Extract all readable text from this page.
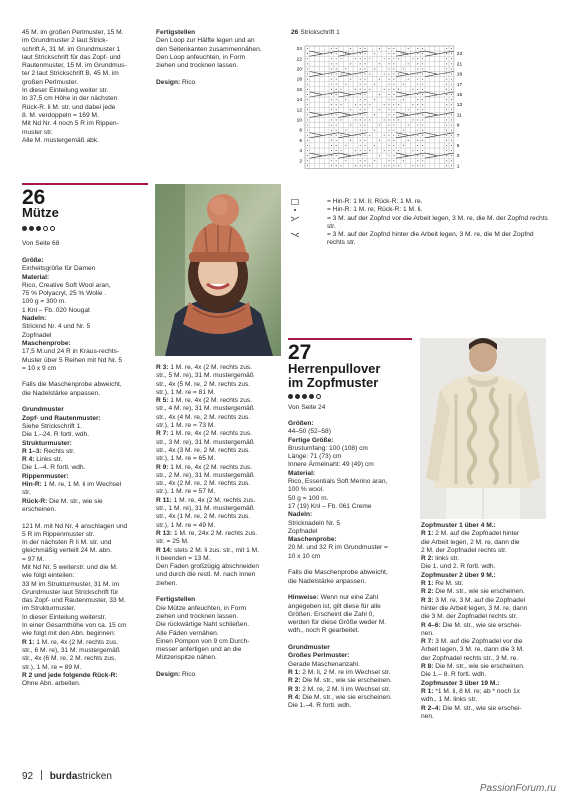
45 M. im großen Perlmuster, 15 M.

im Grundmuster 2 laut Strick-

schrift A, 31 M. im Grundmuster 1

laut Strickschrift für das Zopf- und

Rautenmuster, 15 M. im Grundmus-

ter 2 laut Strickschrift B, 45 M. im

großen Perlmuster.

In dieser Einteilung weiter str.

In 37,5 cm Höhe in der nächsten

Rück-R. li M. str. und dabei jede

8. M. verdoppeln = 169 M.

Mit Nd Nr. 4 noch 5 R im Rippen-

muster str.

Alle M. mustergemäß abk.

Fertigstellen

Den Loop zur Hälfte legen und an

den Seitenkanten zusammennähen.

Den Loop anfeuchten, in Form

ziehen und trocknen lassen.

Design: Rico

26 Strickschrift 1
24
22
20
18
16
14
12
10
8
6
4
2
23
21
19
17
15
13
11
9
7
5
3
1
= Hin-R: 1 M. li; Rück-R: 1 M. re.
= Hin-R: 1 M. re; Rück-R: 1 M. li.
= 3 M. auf der Zopfnd vor die Arbeit legen, 3 M. re, die M. der Zopfnd rechts str.
= 3 M. auf der Zopfnd hinter die Arbeit legen, 3 M. re, die M der Zopfnd rechts str.
26
Mütze
Von Seite 68

Größe:

Einheitsgröße für Damen

Material:

Rico, Creative Soft Wool aran,

75 % Polyacryl, 25 % Wolle .

100 g = 300 m.

1 Knl – Fb. 020 Nougat

Nadeln:

Stricknd Nr. 4 und Nr. 5

Zopfnadel

Maschenprobe:

17,5 M.und 24 R in Kraus-rechts-

Muster über 5 Reihen mit Nd Nr. 5

= 10 x 9 cm

Falls die Maschenprobe abweicht,

die Nadelstärke anpassen.

Grundmuster

Zopf- und Rautenmuster:

Siehe Strickschrift 1.

Die 1.–24. R fortl. wdh.

Strukturmuster:

R 1–3: Rechts str.

R 4: Links str.

Die 1.–4. R fortl. wdh.

Rippenmuster:

Hin-R: 1 M. re, 1 M. li im Wechsel

str.

Rück-R: Die M. str., wie sie

erscheinen.

121 M. mit Nd Nr. 4 anschlagen und

5 R im Rippenmuster str.

In der nächsten R li M. str. und

gleichmäßig verteilt 24 M. abn.

= 97 M.

Mit Nd Nr. 5 weiterstr. und die M.

wie folgt einteilen:

33 M im Strukturmuster, 31 M. im

Grundmuster laut Strickschrift für

das Zopf- und Rautenmuster, 33 M.

im Strukturmuster.

In dieser Einteilung weiterstr.

In einer Gesamthöhe von ca. 15 cm

wie folgt mit den Abn. beginnen:

R 1: 1 M. re, 4x (2 M. rechts zus.

str., 6 M. re), 31 M. mustergemäß

str., 4x (6 M. re, 2 M. rechts zus.

str.), 1 M. re = 89 M.

R 2 und jede folgende Rück-R:

Ohne Abn. arbeiten.

R 3: 1 M. re, 4x (2 M. rechts zus.

str., 5 M. re), 31 M. mustergemäß

str., 4x (5 M. re, 2 M. rechts zus.

str.), 1 M. re = 81 M.

R 5: 1 M. re, 4x (2 M. rechts zus.

str., 4 M. re), 31 M. mustergemäß

str., 4x (4 M. re, 2 M. rechts zus.

str.), 1 M. re = 73 M.

R 7: 1 M. re, 4x (2 M. rechts zus.

str., 3 M. re), 31 M. mustergemäß

str., 4x (3 M. re, 2 M. rechts zus.

str.), 1 M. re = 65 M.

R 9: 1 M. re, 4x (2 M. rechts zus.

str., 2 M. re), 31 M. mustergemäß

str., 4x (2 M. re, 2 M. rechts zus.

str.), 1 M. re = 57 M.

R 11: 1 M. re, 4x (2 M. rechts zus.

str., 1 M. re), 31 M. mustergemäß

str., 4x (1 M. re, 2 M. rechts zus.

str.), 1 M. re = 49 M.

R 13: 1 M. re, 24x 2 M. rechts zus.

str. = 25 M.

R 14: stets 2 M. li zus. str., mit 1 M.

li beenden = 13 M.

Den Faden großzügig abschneiden

und durch die restl. M. nach innen

ziehen.

Fertigstellen

Die Mütze anfeuchten, in Form

ziehen und trocknen lassen.

Die rückwärtige Naht schließen.

Alle Fäden vernähen.

Einen Pompon von 9 cm Durch-

messer anfertigen und an die

Mützenspitze nähen.

Design: Rico

27
Herrenpullover
im Zopfmuster
Von Seite 24

Größen:

44–50 (52–58)

Fertige Größe:

Brustumfang: 100 (108) cm

Länge: 71 (73) cm

Innere Ärmelnaht: 49 (49) cm

Material:

Rico, Essentials Soft Merino aran,

100 % wool.

50 g = 100 m.

17 (19) Knl – Fb. 061 Creme

Nadeln:

Stricknadeln Nr. 5

Zopfnadel

Maschenprobe:

20 M. und 32 R im Grundmuster =

10 x 10 cm

Falls die Maschenprobe abweicht,

die Nadelstärke anpassen.

Hinweise: Wenn nur eine Zahl

angegeben ist, gilt diese für alle

Größen. Erscheint die Zahl 0,

werden für diese Größe weder M.

wdh., noch R gearbeitet.

Grundmuster

Großes Perlmuster:

Gerade Maschenanzahl.

R 1: 2 M. li, 2 M. re im Wechsel str.

R 2: Die M. str., wie sie erscheinen.

R 3: 2 M. re, 2 M. li im Wechsel str.

R 4: Die M. str., wie sie erscheinen.

Die 1.–4. R fortl. wdh.

Zopfmuster 1 über 4 M.:

R 1: 2 M. auf die Zopfnadel hinter

die Arbeit legen, 2 M. re, dann die

2 M. der Zopfnadel rechts str.

R 2: links str.

Die 1. und 2. R fortl. wdh.

Zopfmuster 2 über 9 M.:

R 1: Re M. str.

R 2: Die M. str., wie sie erscheinen.

R 3: 3 M. re, 3 M. auf die Zopfnadel

hinter die Arbeit legen, 3 M. re, dann

die 3 M. der Zopfnadel rechts str.

R 4–6: Die M. str., wie sie erschei-

nen.

R 7: 3 M. auf die Zopfnadel vor die

Arbeit legen, 3 M. re, dann die 3 M.

der Zopfnadel rechts str., 3 M. re.

R 8: Die M. str., wie sie erscheinen.

Die 1.– 8. R fortl. wdh.

Zopfmuster 3 über 19 M.:

R 1: *1 M. li, 8 M. re; ab * noch 1x

wdh., 1 M. links str.

R 2–4: Die M. str., wie sie erschei-

nen.

92 burdastricken
PassionForum.ru
